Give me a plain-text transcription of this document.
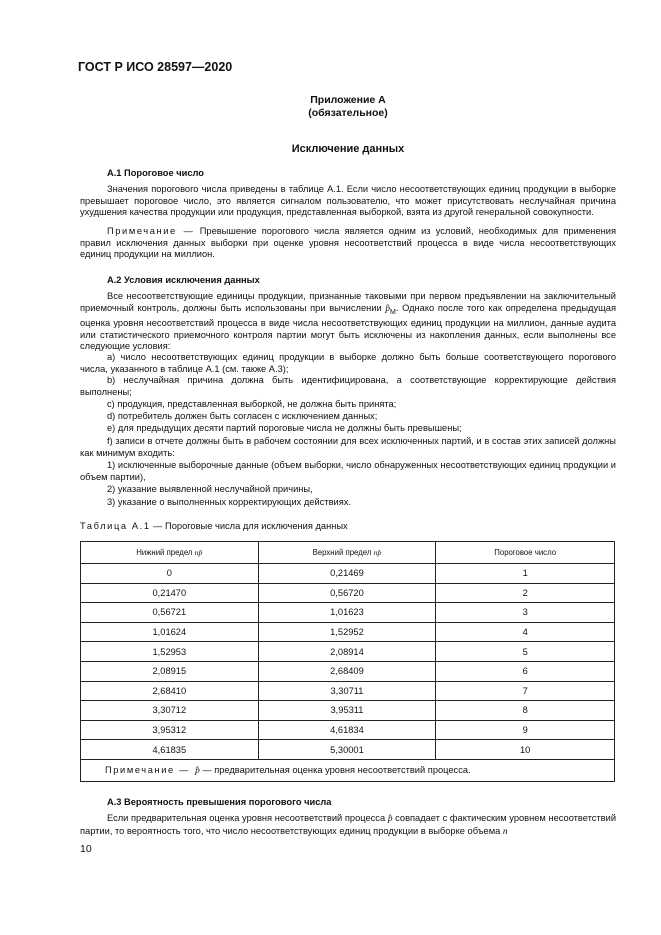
ГОСТ Р ИСО 28597—2020
Приложение А
(обязательное)
Исключение данных
А.1 Пороговое число
Значения порогового числа приведены в таблице А.1. Если число несоответствующих единиц продукции в выборке превышает пороговое число, это является сигналом пользователю, что может присутствовать неслучайная причина ухудшения качества продукции или продукция, представленная выборкой, взята из другой генеральной совокупности.
Примечание — Превышение порогового числа является одним из условий, необходимых для применения правил исключения данных выборки при оценке уровня несоответствий процесса в виде числа несоответствующих единиц продукции на миллион.
А.2 Условия исключения данных
Все несоответствующие единицы продукции, признанные таковыми при первом предъявлении на заключительный приемочный контроль, должны быть использованы при вычислении $p̂_M$. Однако после того как определена предыдущая оценка уровня несоответствий процесса в виде числа несоответствующих единиц продукции на миллион, данные аудита или статистического приемочного контроля партии могут быть исключены из накопления данных, если выполнены все следующие условия:
а) число несоответствующих единиц продукции в выборке должно быть больше соответствующего порогового числа, указанного в таблице А.1 (см. также А.3);
b) неслучайная причина должна быть идентифицирована, а соответствующие корректирующие действия выполнены;
c) продукция, представленная выборкой, не должна быть принята;
d) потребитель должен быть согласен с исключением данных;
e) для предыдущих десяти партий пороговые числа не должны быть превышены;
f) записи в отчете должны быть в рабочем состоянии для всех исключенных партий, и в состав этих записей должны как минимум входить:
1) исключенные выборочные данные (объем выборки, число обнаруженных несоответствующих единиц продукции и объем партии),
2) указание выявленной неслучайной причины,
3) указание о выполненных корректирующих действиях.
Таблица А.1 — Пороговые числа для исключения данных
Нижний предел np̂	Верхний предел np̂	Пороговое число
0	0,21469	1
0,21470	0,56720	2
0,56721	1,01623	3
1,01624	1,52952	4
1,52953	2,08914	5
2,08915	2,68409	6
2,68410	3,30711	7
3,30712	3,95311	8
3,95312	4,61834	9
4,61835	5,30001	10
Примечание — p̂ — предварительная оценка уровня несоответствий процесса.		
А.3 Вероятность превышения порогового числа
Если предварительная оценка уровня несоответствий процесса p̂ совпадает с фактическим уровнем несоответствий партии, то вероятность того, что число несоответствующих единиц продукции в выборке объема n
10
